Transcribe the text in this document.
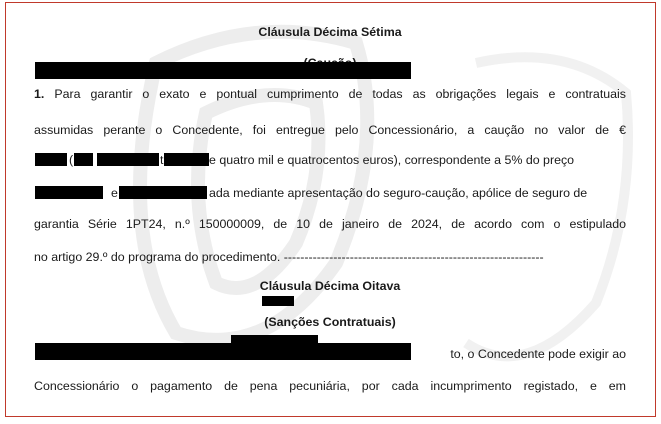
Cláusula Décima Sétima
1. Para garantir o exato e pontual cumprimento de todas as obrigações legais e contratuais
assumidas perante o Concedente, foi entregue pelo Concessionário, a caução no valor de €
(	t	e quatro mil e quatrocentos euros), correspondente a 5% do preço
e	ada mediante apresentação do seguro-caução, apólice de seguro de
garantia Série 1PT24, n.º 150000009, de 10 de janeiro de 2024, de acordo com o estipulado
no artigo 29.º do programa do procedimento. ---------------------------------------------------------------
Cláusula Décima Oitava
(Sanções Contratuais)
to, o Concedente pode exigir ao
Concessionário o pagamento de pena pecuniária, por cada incumprimento registado, e em
